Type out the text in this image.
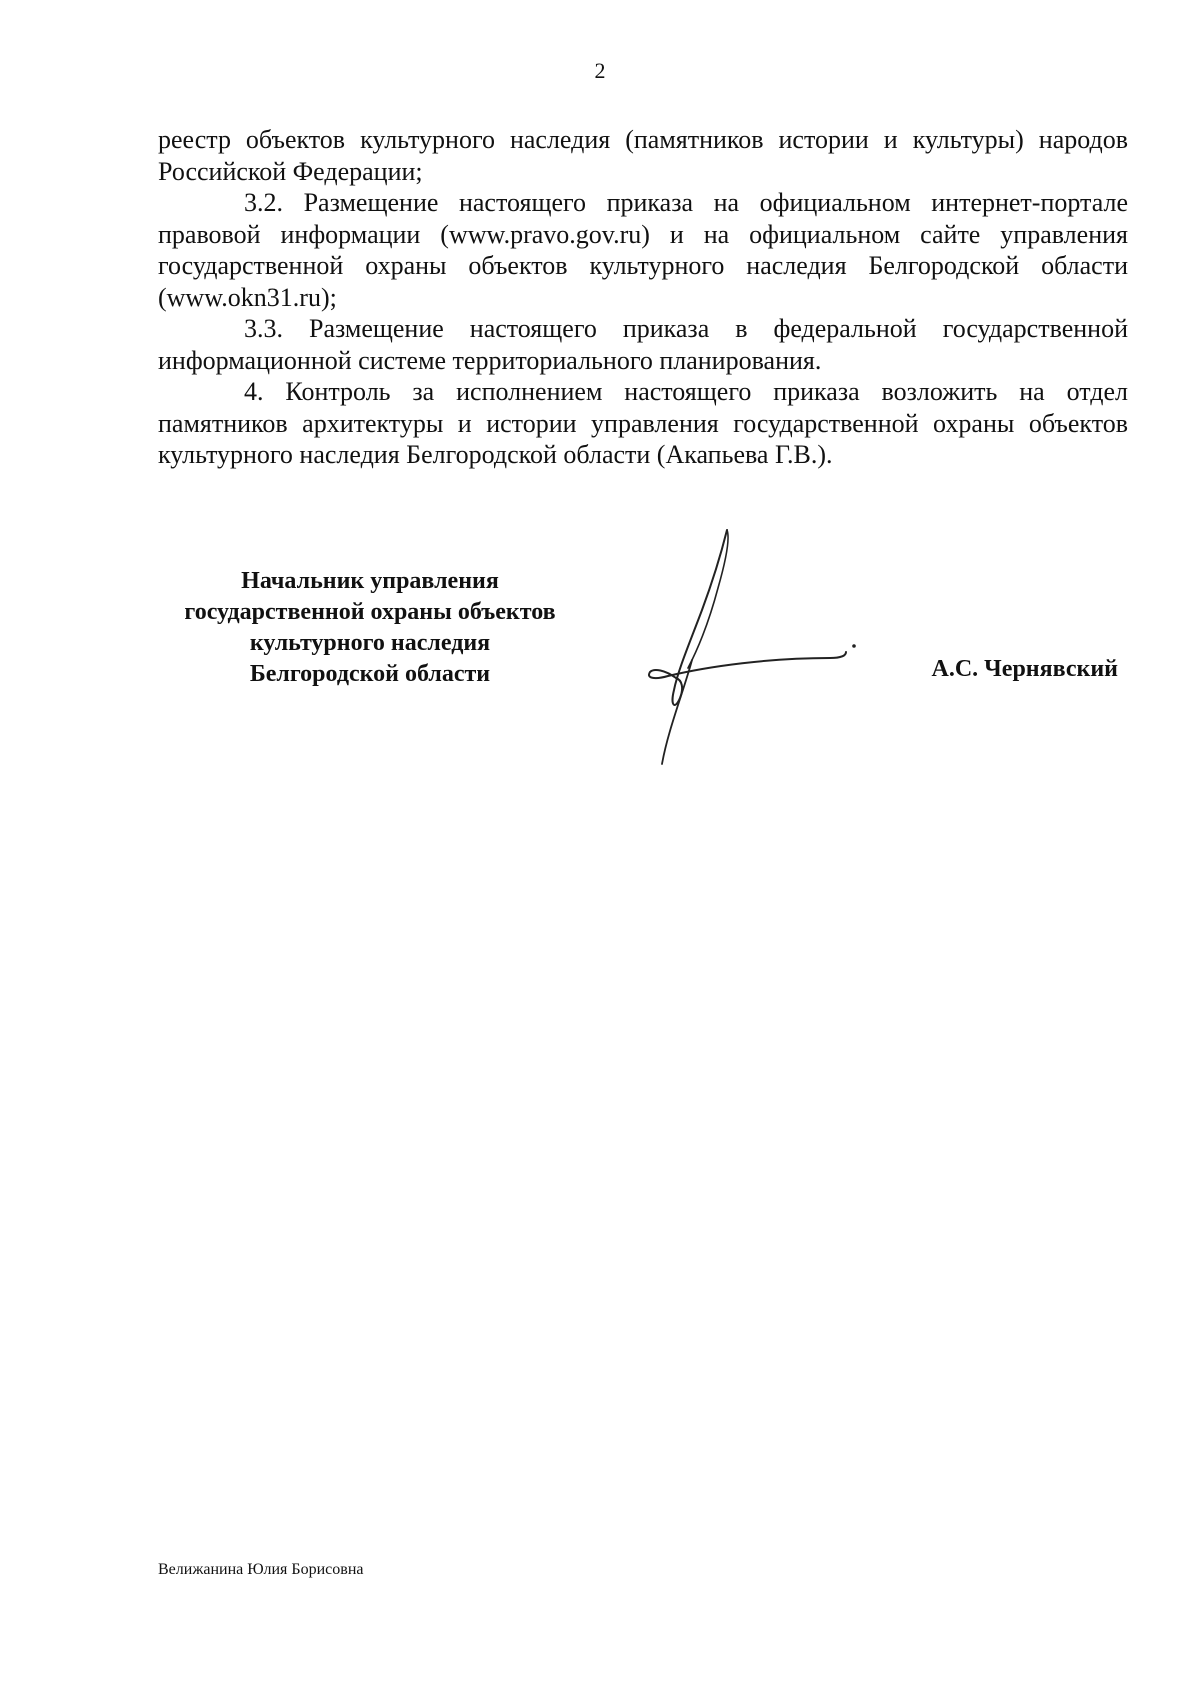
2

реестр объектов культурного наследия (памятников истории и культуры) народов Российской Федерации;

3.2. Размещение настоящего приказа на официальном интернет-портале правовой информации (www.pravo.gov.ru) и на официальном сайте управления государственной охраны объектов культурного наследия Белгородской области (www.okn31.ru);

3.3. Размещение настоящего приказа в федеральной государственной информационной системе территориального планирования.

4. Контроль за исполнением настоящего приказа возложить на отдел памятников архитектуры и истории управления государственной охраны объектов культурного наследия Белгородской области (Акапьева Г.В.).

Начальник управления
государственной охраны объектов
культурного наследия
Белгородской области	А.С. Чернявский
Велижанина Юлия Борисовна
